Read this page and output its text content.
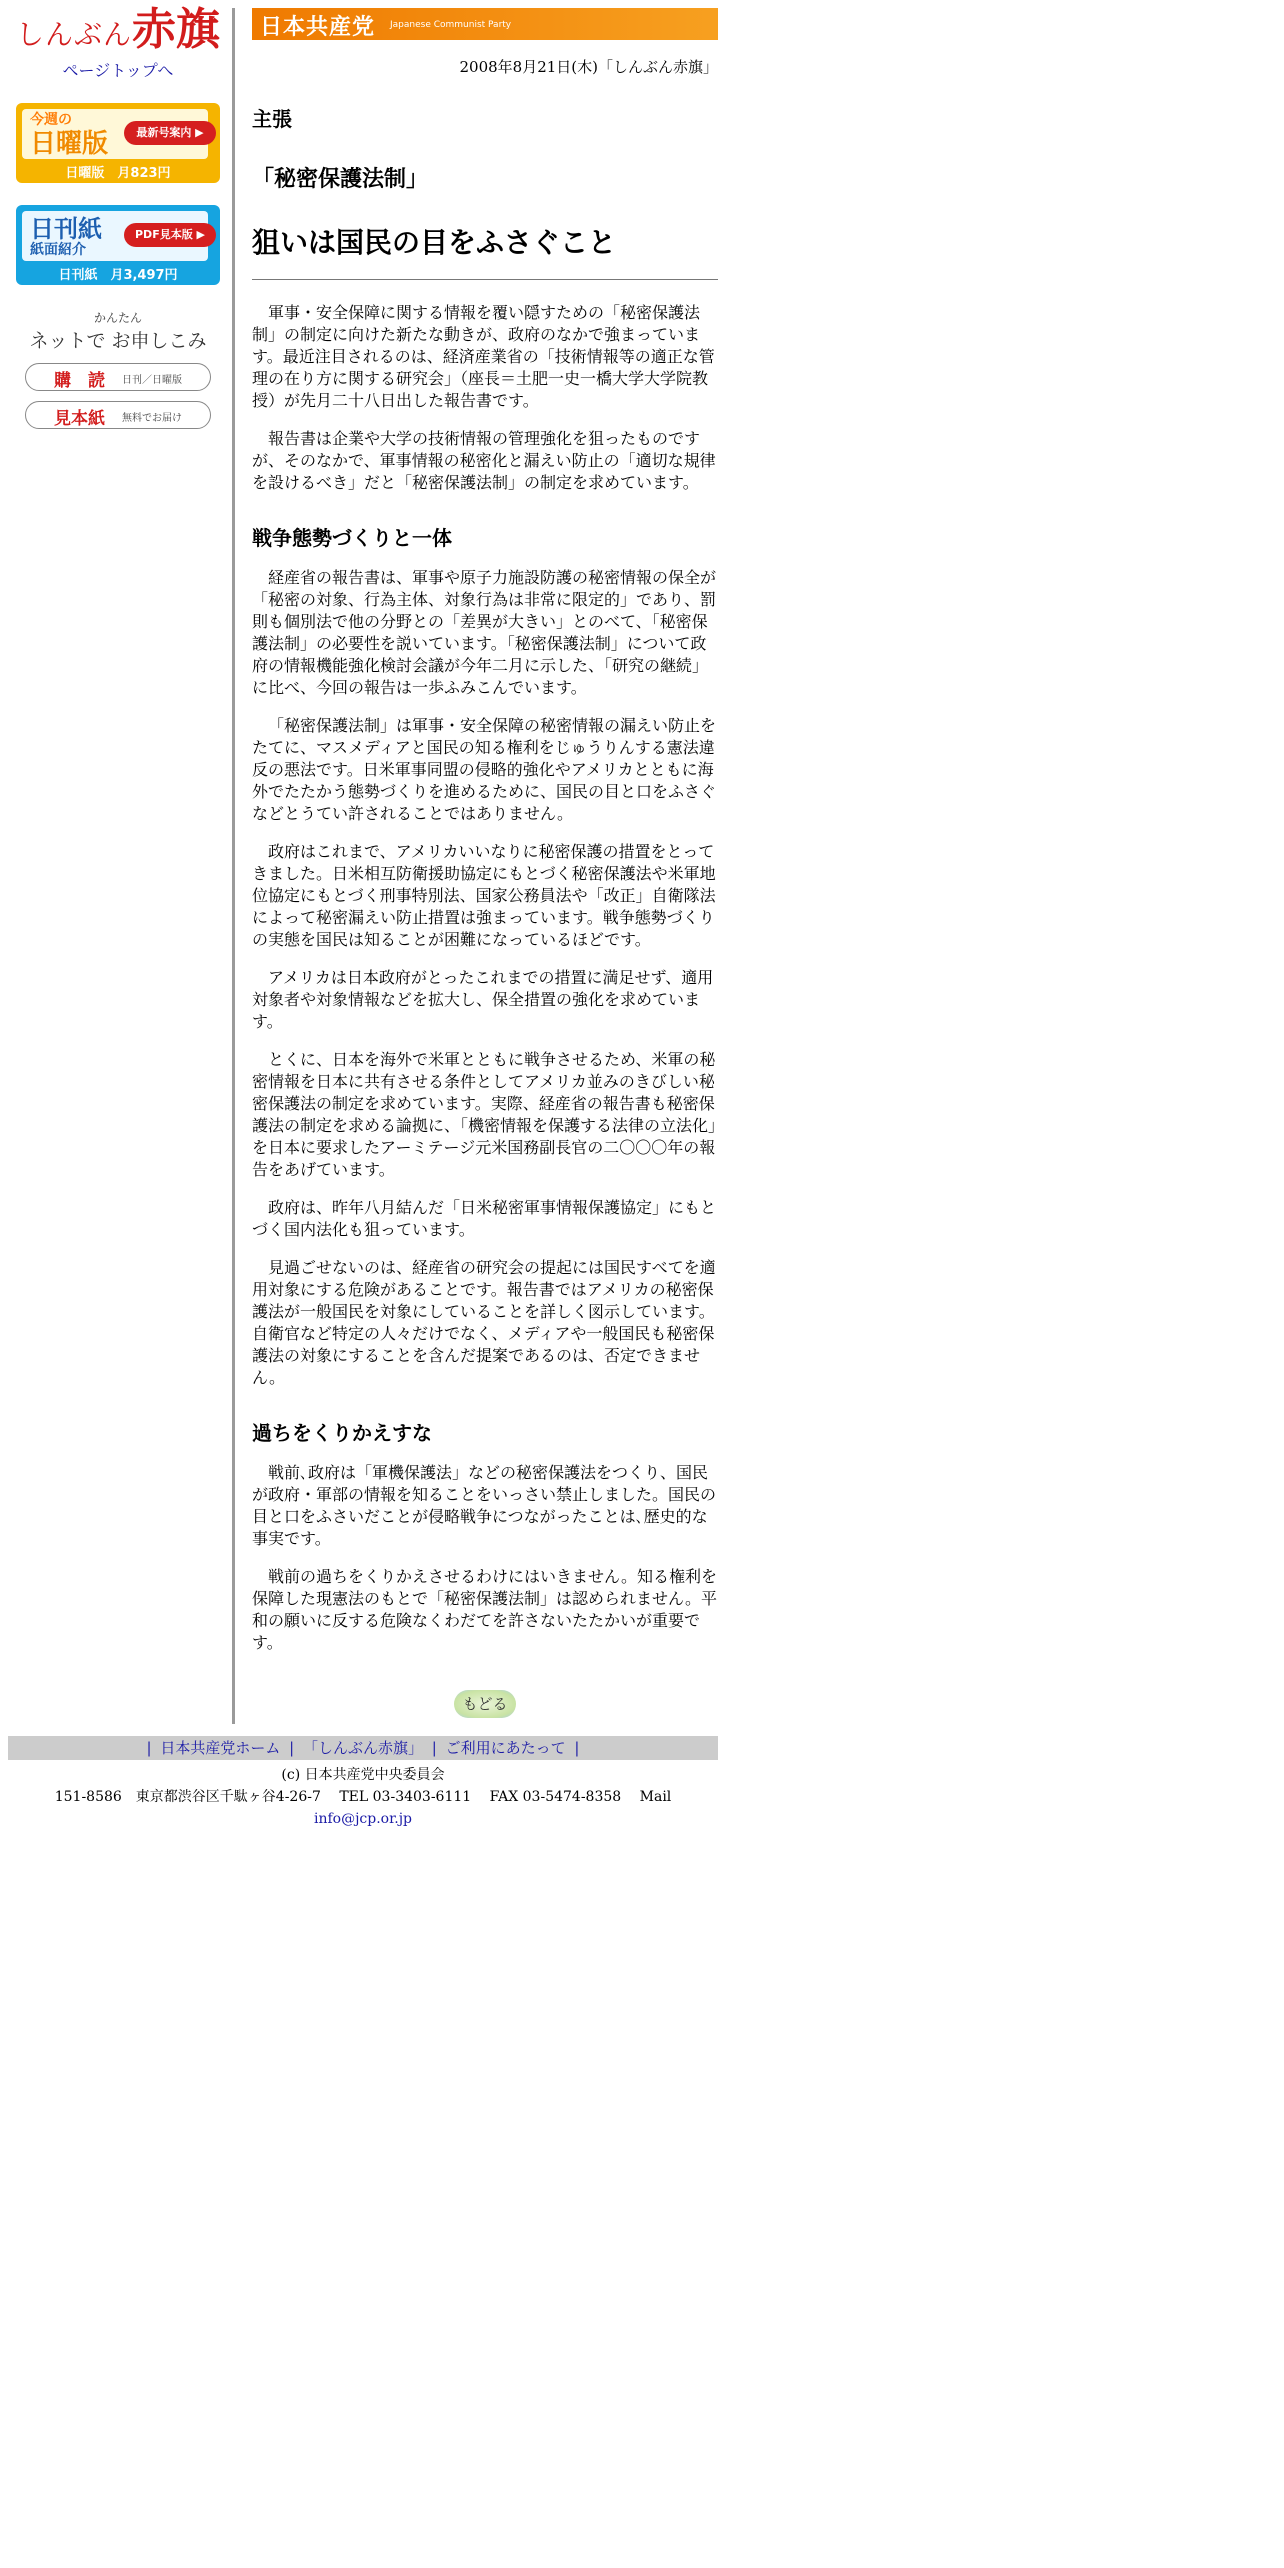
しんぶん赤旗
ページトップへ
今週の
日曜版	最新号案内 ▶
日曜版　月823円
日刊紙
紙面紹介
PDF見本版 ▶
日刊紙　月3,497円
かんたん
ネットで お申しこみ
購　読 日刊／日曜版
見本紙 無料でお届け
日本共産党 Japanese Communist Party
2008年8月21日(木)「しんぶん赤旗」
主張
「秘密保護法制」
狙いは国民の目をふさぐこと

軍事・安全保障に関する情報を覆い隠すための「秘密保護法制」の制定に向けた新たな動きが、政府のなかで強まっています。最近注目されるのは、経済産業省の「技術情報等の適正な管理の在り方に関する研究会」（座長＝土肥一史一橋大学大学院教授）が先月二十八日出した報告書です。

報告書は企業や大学の技術情報の管理強化を狙ったものですが、そのなかで、軍事情報の秘密化と漏えい防止の「適切な規律を設けるべき」だと「秘密保護法制」の制定を求めています。

戦争態勢づくりと一体

経産省の報告書は、軍事や原子力施設防護の秘密情報の保全が「秘密の対象、行為主体、対象行為は非常に限定的」であり、罰則も個別法で他の分野との「差異が大きい」とのべて、「秘密保護法制」の必要性を説いています。「秘密保護法制」について政府の情報機能強化検討会議が今年二月に示した、「研究の継続」に比べ、今回の報告は一歩ふみこんでいます。

「秘密保護法制」は軍事・安全保障の秘密情報の漏えい防止をたてに、マスメディアと国民の知る権利をじゅうりんする憲法違反の悪法です。日米軍事同盟の侵略的強化やアメリカとともに海外でたたかう態勢づくりを進めるために、国民の目と口をふさぐなどとうてい許されることではありません。

政府はこれまで、アメリカいいなりに秘密保護の措置をとってきました。日米相互防衛援助協定にもとづく秘密保護法や米軍地位協定にもとづく刑事特別法、国家公務員法や「改正」自衛隊法によって秘密漏えい防止措置は強まっています。戦争態勢づくりの実態を国民は知ることが困難になっているほどです。

アメリカは日本政府がとったこれまでの措置に満足せず、適用対象者や対象情報などを拡大し、保全措置の強化を求めています。

とくに、日本を海外で米軍とともに戦争させるため、米軍の秘密情報を日本に共有させる条件としてアメリカ並みのきびしい秘密保護法の制定を求めています。実際、経産省の報告書も秘密保護法の制定を求める論拠に、「機密情報を保護する法律の立法化」を日本に要求したアーミテージ元米国務副長官の二〇〇〇年の報告をあげています。

政府は、昨年八月結んだ「日米秘密軍事情報保護協定」にもとづく国内法化も狙っています。

見過ごせないのは、経産省の研究会の提起には国民すべてを適用対象にする危険があることです。報告書ではアメリカの秘密保護法が一般国民を対象にしていることを詳しく図示しています。自衛官など特定の人々だけでなく、メディアや一般国民も秘密保護法の対象にすることを含んだ提案であるのは、否定できません。

過ちをくりかえすな

戦前､政府は「軍機保護法」などの秘密保護法をつくり、国民が政府・軍部の情報を知ることをいっさい禁止しました。国民の目と口をふさいだことが侵略戦争につながったことは､歴史的な事実です。

戦前の過ちをくりかえさせるわけにはいきません。知る権利を保障した現憲法のもとで「秘密保護法制」は認められません。平和の願いに反する危険なくわだてを許さないたたかいが重要です。

もどる
| 日本共産党ホーム | 「しんぶん赤旗」 | ご利用にあたって |
(c) 日本共産党中央委員会
151-8586　東京都渋谷区千駄ヶ谷4-26-7　 TEL 03-3403-6111　 FAX 03-5474-8358　 Mail info@jcp.or.jp
